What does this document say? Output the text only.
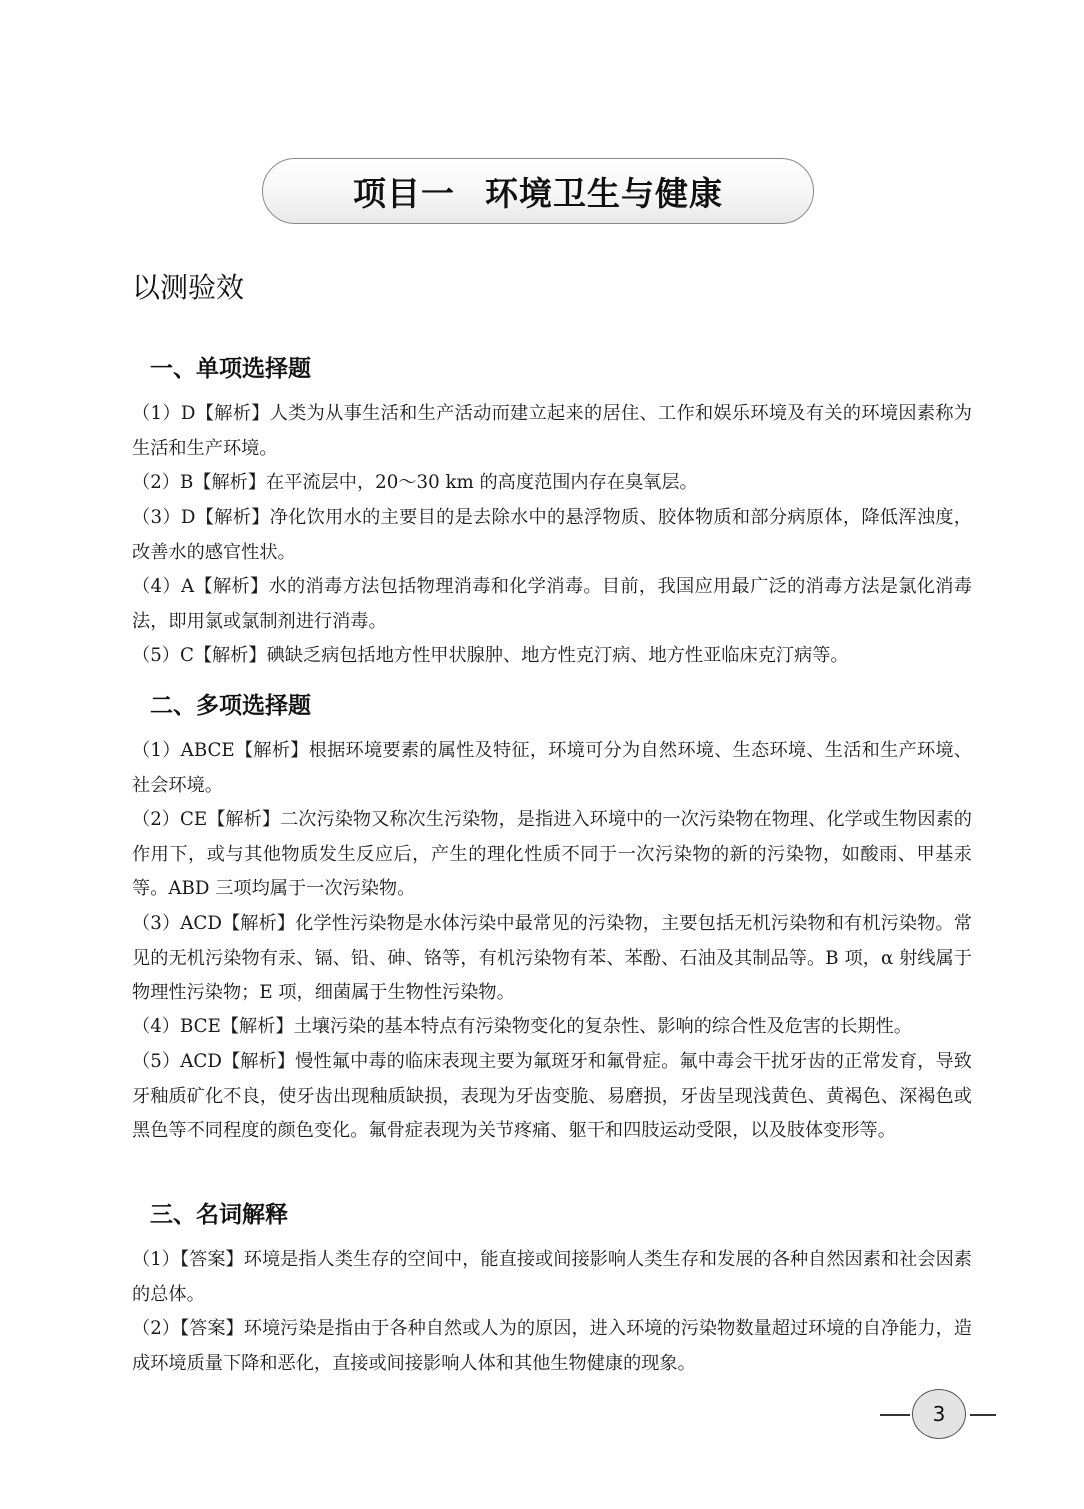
项目一 环境卫生与健康
以测验效
一、单项选择题

（1）D【解析】人类为从事生活和生产活动而建立起来的居住、工作和娱乐环境及有关的环境因素称为生活和生产环境。

（2）B【解析】在平流层中，20～30 km 的高度范围内存在臭氧层。

（3）D【解析】净化饮用水的主要目的是去除水中的悬浮物质、胶体物质和部分病原体，降低浑浊度，改善水的感官性状。

（4）A【解析】水的消毒方法包括物理消毒和化学消毒。目前，我国应用最广泛的消毒方法是氯化消毒法，即用氯或氯制剂进行消毒。

（5）C【解析】碘缺乏病包括地方性甲状腺肿、地方性克汀病、地方性亚临床克汀病等。

二、多项选择题

（1）ABCE【解析】根据环境要素的属性及特征，环境可分为自然环境、生态环境、生活和生产环境、社会环境。

（2）CE【解析】二次污染物又称次生污染物，是指进入环境中的一次污染物在物理、化学或生物因素的作用下，或与其他物质发生反应后，产生的理化性质不同于一次污染物的新的污染物，如酸雨、甲基汞等。ABD 三项均属于一次污染物。

（3）ACD【解析】化学性污染物是水体污染中最常见的污染物，主要包括无机污染物和有机污染物。常见的无机污染物有汞、镉、铅、砷、铬等，有机污染物有苯、苯酚、石油及其制品等。B 项，α 射线属于物理性污染物；E 项，细菌属于生物性污染物。

（4）BCE【解析】土壤污染的基本特点有污染物变化的复杂性、影响的综合性及危害的长期性。

（5）ACD【解析】慢性氟中毒的临床表现主要为氟斑牙和氟骨症。氟中毒会干扰牙齿的正常发育，导致牙釉质矿化不良，使牙齿出现釉质缺损，表现为牙齿变脆、易磨损，牙齿呈现浅黄色、黄褐色、深褐色或黑色等不同程度的颜色变化。氟骨症表现为关节疼痛、躯干和四肢运动受限，以及肢体变形等。

三、名词解释

（1）【答案】环境是指人类生存的空间中，能直接或间接影响人类生存和发展的各种自然因素和社会因素的总体。

（2）【答案】环境污染是指由于各种自然或人为的原因，进入环境的污染物数量超过环境的自净能力，造成环境质量下降和恶化，直接或间接影响人体和其他生物健康的现象。

3
